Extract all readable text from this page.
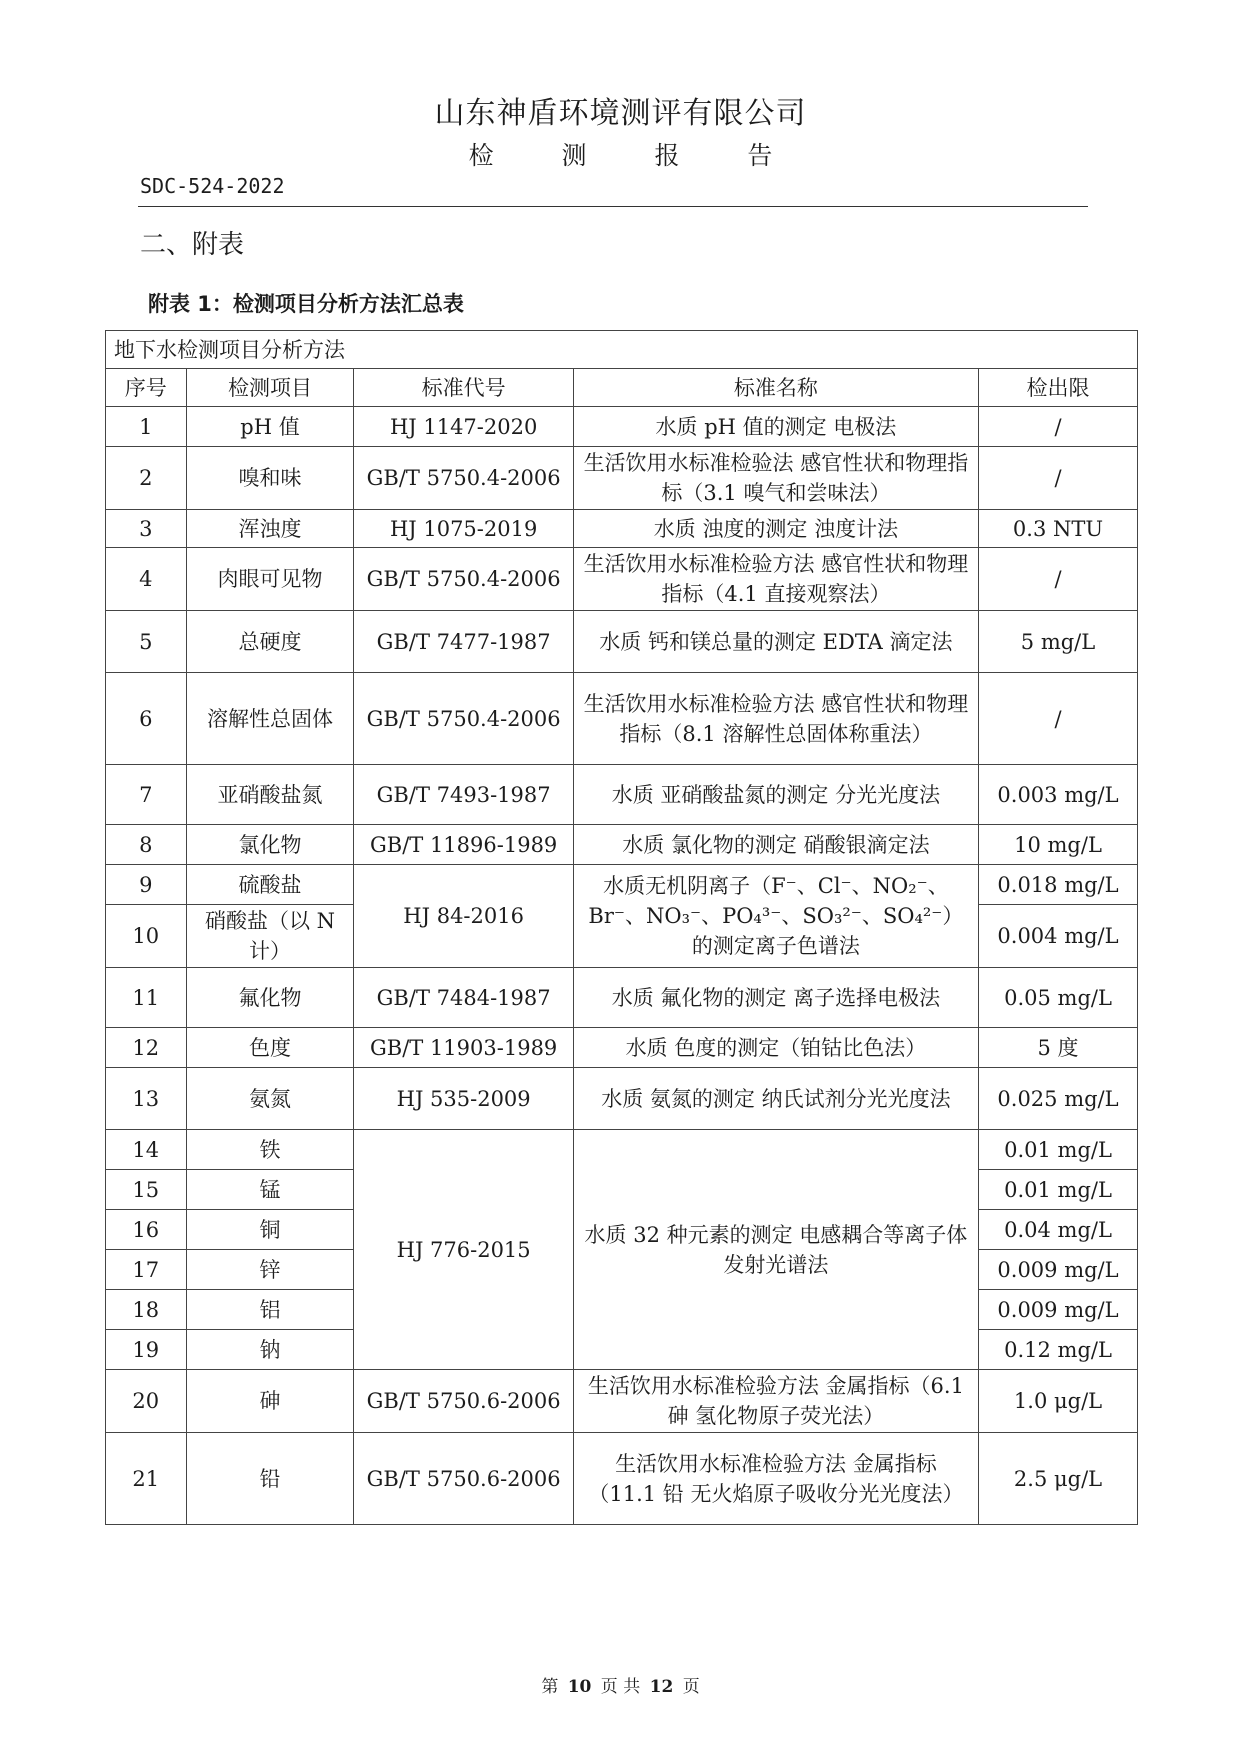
山东神盾环境测评有限公司
检 测 报 告
SDC-524-2022
二、附表
附表 1：检测项目分析方法汇总表
地下水检测项目分析方法				
序号	检测项目	标准代号	标准名称	检出限
1	pH 值	HJ 1147-2020	水质 pH 值的测定 电极法	/
2	嗅和味	GB/T 5750.4-2006	生活饮用水标准检验法 感官性状和物理指标（3.1 嗅气和尝味法）	/
3	浑浊度	HJ 1075-2019	水质 浊度的测定 浊度计法	0.3 NTU
4	肉眼可见物	GB/T 5750.4-2006	生活饮用水标准检验方法 感官性状和物理指标（4.1 直接观察法）	/
5	总硬度	GB/T 7477-1987	水质 钙和镁总量的测定 EDTA 滴定法	5 mg/L
6	溶解性总固体	GB/T 5750.4-2006	生活饮用水标准检验方法 感官性状和物理指标（8.1 溶解性总固体称重法）	/
7	亚硝酸盐氮	GB/T 7493-1987	水质 亚硝酸盐氮的测定 分光光度法	0.003 mg/L
8	氯化物	GB/T 11896-1989	水质 氯化物的测定 硝酸银滴定法	10 mg/L
9	硫酸盐	HJ 84-2016	水质无机阴离子（F⁻、Cl⁻、NO₂⁻、Br⁻、NO₃⁻、PO₄³⁻、SO₃²⁻、SO₄²⁻）的测定离子色谱法	0.018 mg/L
10	硝酸盐（以 N 计）			0.004 mg/L
11	氟化物	GB/T 7484-1987	水质 氟化物的测定 离子选择电极法	0.05 mg/L
12	色度	GB/T 11903-1989	水质 色度的测定（铂钴比色法）	5 度
13	氨氮	HJ 535-2009	水质 氨氮的测定 纳氏试剂分光光度法	0.025 mg/L
14	铁	HJ 776-2015	水质 32 种元素的测定 电感耦合等离子体发射光谱法	0.01 mg/L
15	锰			0.01 mg/L
16	铜			0.04 mg/L
17	锌			0.009 mg/L
18	铝			0.009 mg/L
19	钠			0.12 mg/L
20	砷	GB/T 5750.6-2006	生活饮用水标准检验方法 金属指标（6.1 砷 氢化物原子荧光法）	1.0 μg/L
21	铅	GB/T 5750.6-2006	生活饮用水标准检验方法 金属指标（11.1 铅 无火焰原子吸收分光光度法）	2.5 μg/L
第 10 页 共 12 页
